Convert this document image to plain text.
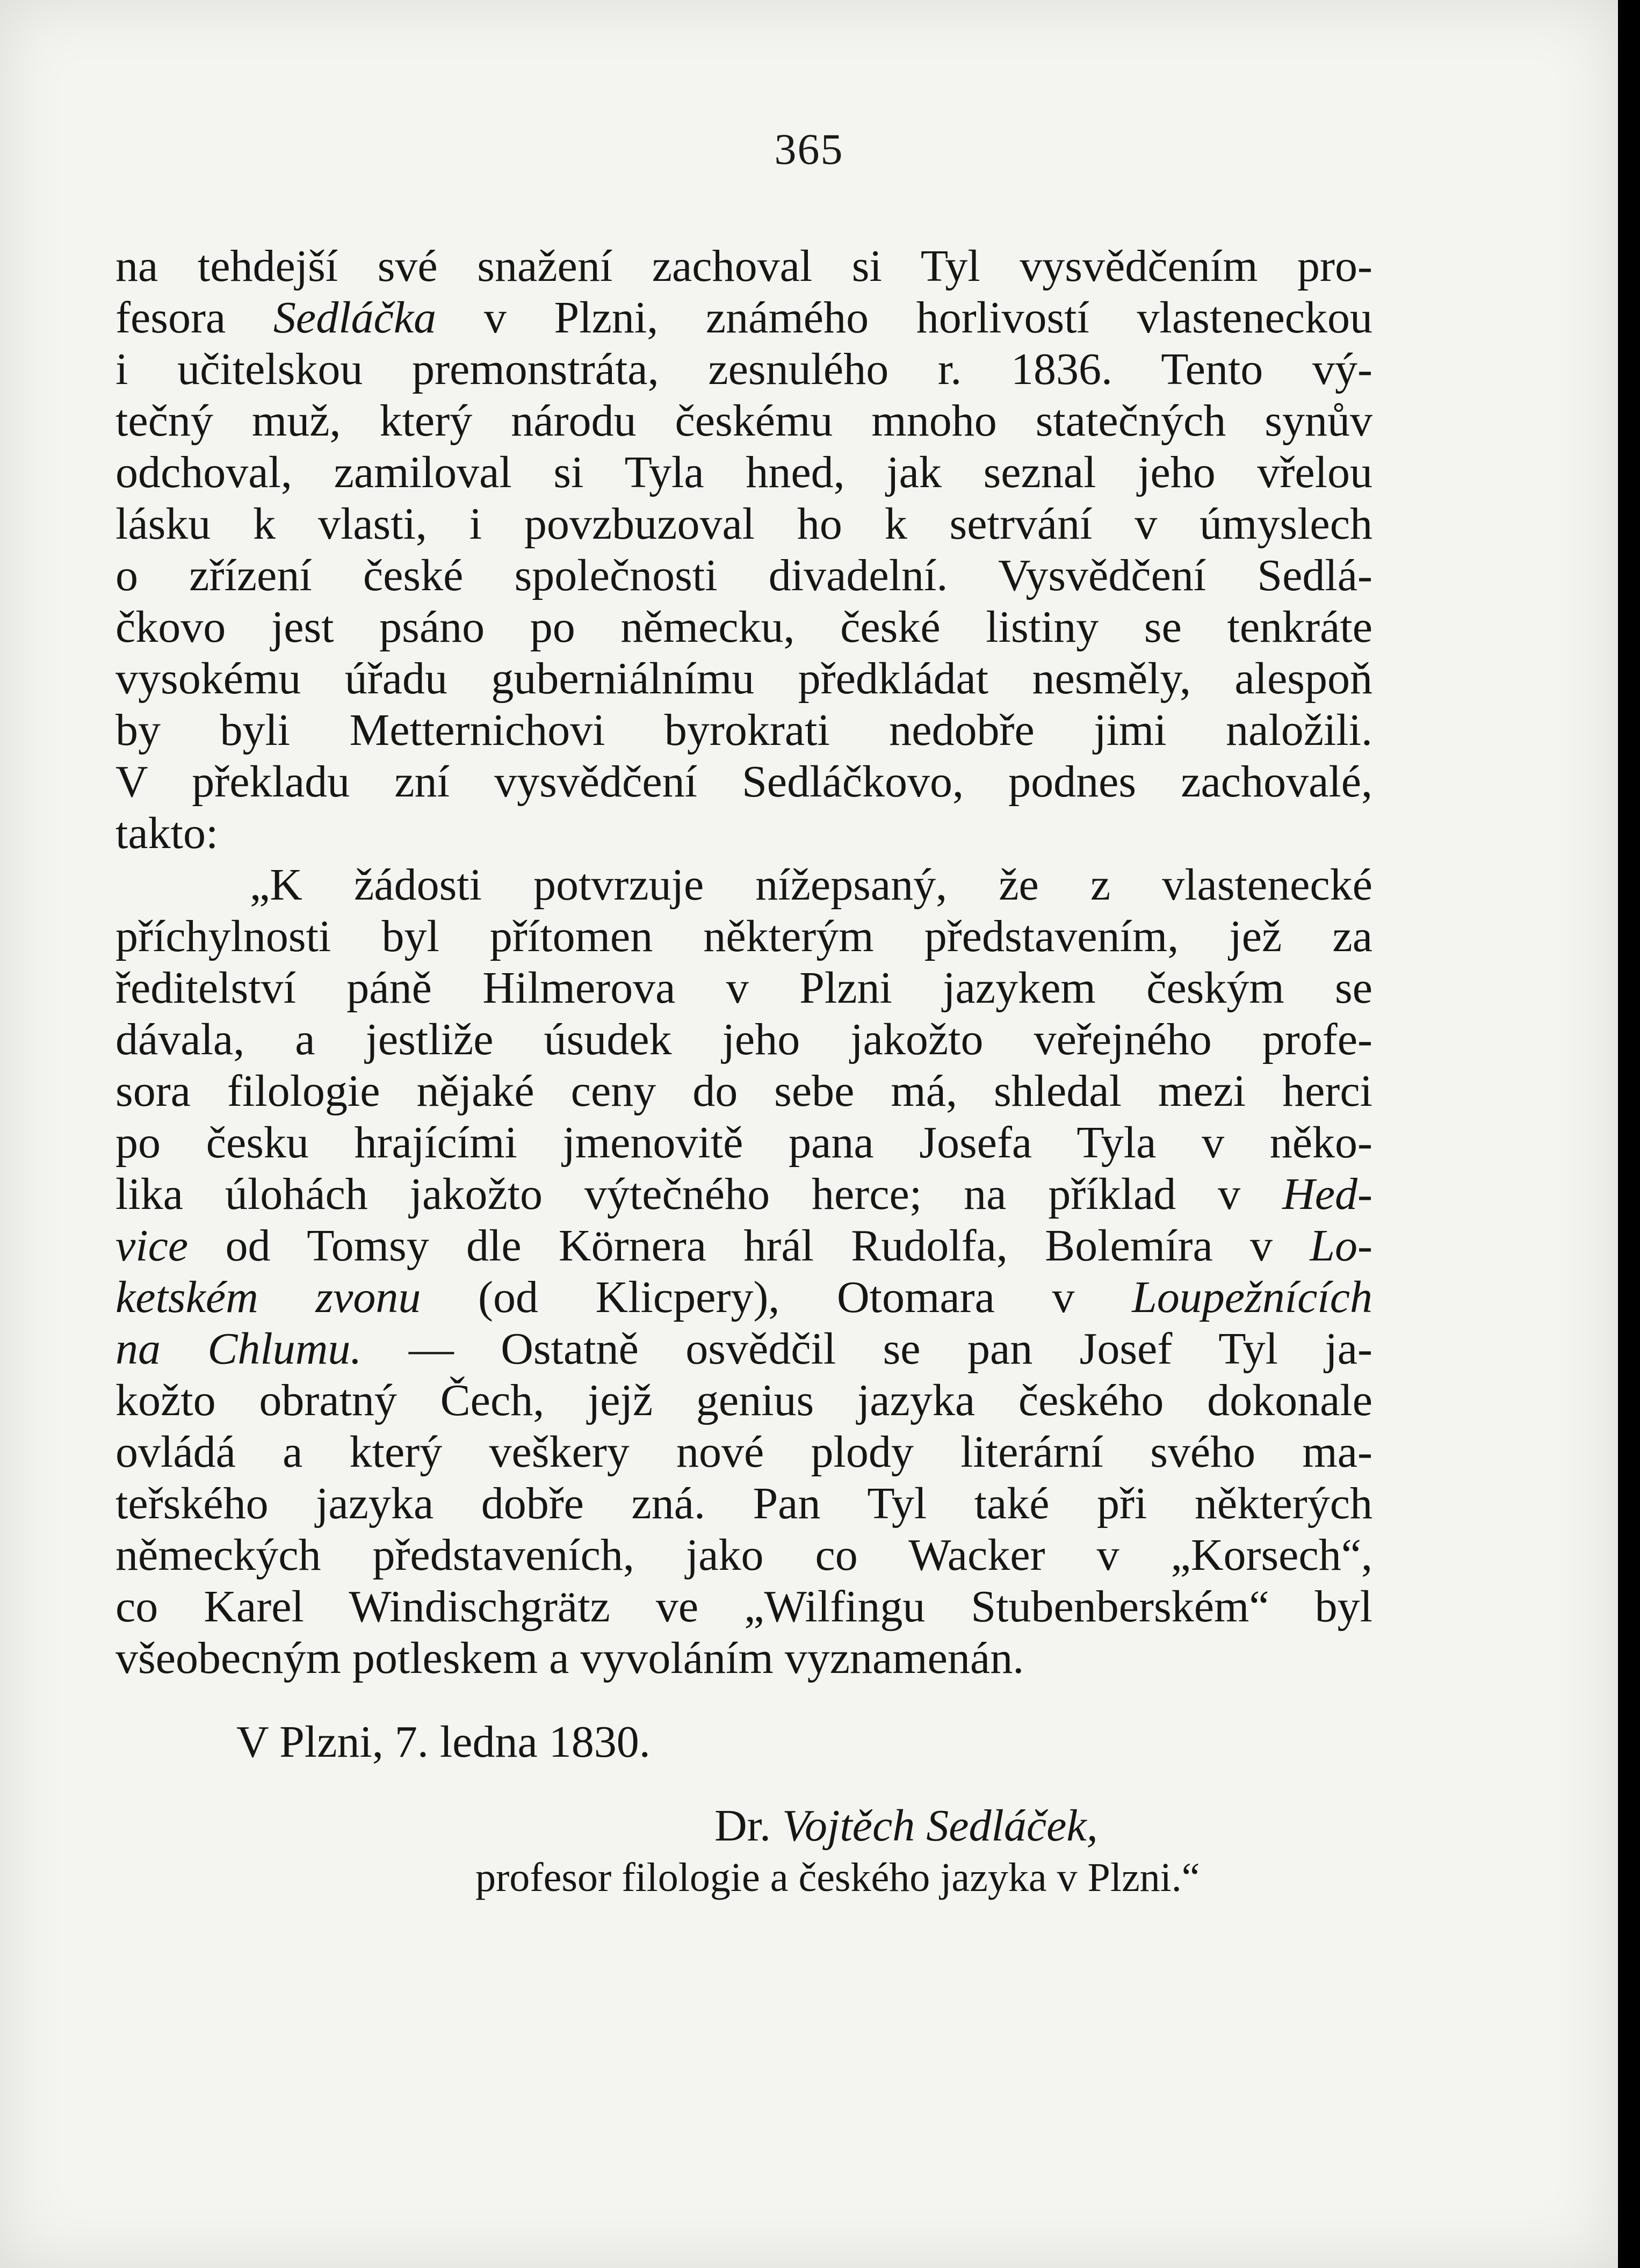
365
na tehdejší své snažení zachoval si Tyl vysvědčením pro-
fesora Sedláčka v Plzni, známého horlivostí vlasteneckou
i učitelskou premonstráta, zesnulého r. 1836. Tento vý-
tečný muž, který národu českému mnoho statečných synův
odchoval, zamiloval si Tyla hned, jak seznal jeho vřelou
lásku k vlasti, i povzbuzoval ho k setrvání v úmyslech
o zřízení české společnosti divadelní. Vysvědčení Sedlá-
čkovo jest psáno po německu, české listiny se tenkráte
vysokému úřadu guberniálnímu předkládat nesměly, alespoň
by byli Metternichovi byrokrati nedobře jimi naložili.
V překladu zní vysvědčení Sedláčkovo, podnes zachovalé,
takto:
„K žádosti potvrzuje nížepsaný, že z vlastenecké
příchylnosti byl přítomen některým představením, jež za
ředitelství páně Hilmerova v Plzni jazykem českým se
dávala, a jestliže úsudek jeho jakožto veřejného profe-
sora filologie nějaké ceny do sebe má, shledal mezi herci
po česku hrajícími jmenovitě pana Josefa Tyla v něko-
lika úlohách jakožto výtečného herce; na příklad v Hed-
vice od Tomsy dle Körnera hrál Rudolfa, Bolemíra v Lo-
ketském zvonu (od Klicpery), Otomara v Loupežnících
na Chlumu. — Ostatně osvědčil se pan Josef Tyl ja-
kožto obratný Čech, jejž genius jazyka českého dokonale
ovládá a který veškery nové plody literární svého ma-
teřského jazyka dobře zná. Pan Tyl také při některých
německých představeních, jako co Wacker v „Korsech“,
co Karel Windischgrätz ve „Wilfingu Stubenberském“ byl
všeobecným potleskem a vyvoláním vyznamenán.
V Plzni, 7. ledna 1830.
Dr. Vojtěch Sedláček,
profesor filologie a českého jazyka v Plzni.“
